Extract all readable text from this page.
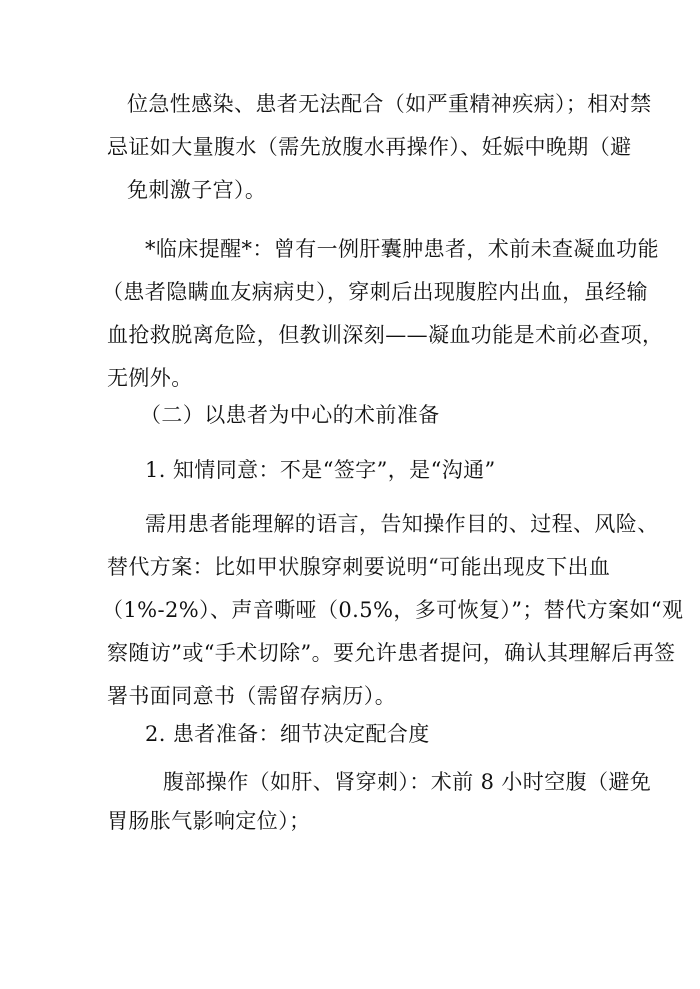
位急性感染、患者无法配合（如严重精神疾病）；相对禁
忌证如大量腹水（需先放腹水再操作）、妊娠中晚期（避
免刺激子宫）。
*临床提醒*：曾有一例肝囊肿患者，术前未查凝血功能
（患者隐瞒血友病病史），穿刺后出现腹腔内出血，虽经输
血抢救脱离危险，但教训深刻——凝血功能是术前必查项，
无例外。
（二）以患者为中心的术前准备
1. 知情同意：不是“签字”，是“沟通”
需用患者能理解的语言，告知操作目的、过程、风险、
替代方案：比如甲状腺穿刺要说明“可能出现皮下出血
（1%-2%）、声音嘶哑（0.5%，多可恢复）”；替代方案如“观
察随访”或“手术切除”。要允许患者提问，确认其理解后再签
署书面同意书（需留存病历）。
2. 患者准备：细节决定配合度
腹部操作（如肝、肾穿刺）：术前 8 小时空腹（避免
胃肠胀气影响定位）；
